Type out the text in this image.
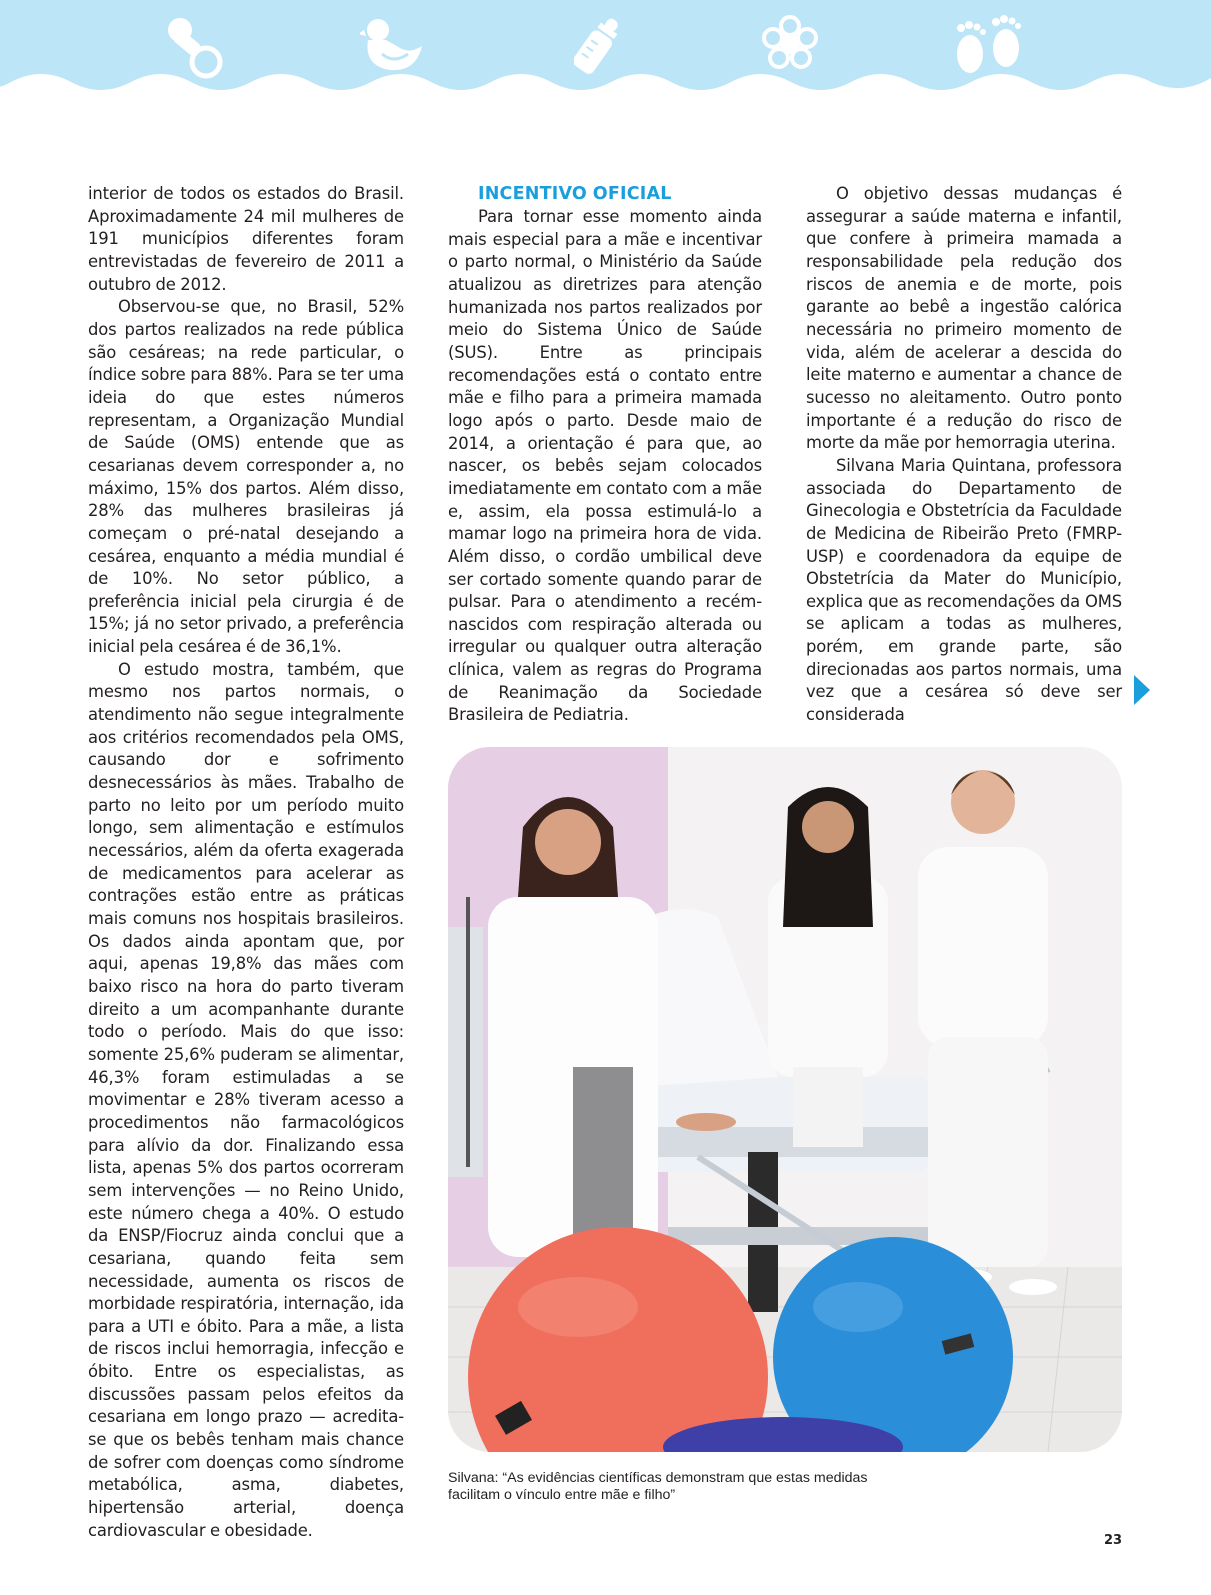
interior de todos os estados do Brasil. Aproximadamente 24 mil mulheres de 191 municípios diferentes foram entrevistadas de fevereiro de 2011 a outubro de 2012.

Observou-se que, no Brasil, 52% dos partos realizados na rede pública são cesáreas; na rede particular, o índice sobre para 88%. Para se ter uma ideia do que estes números representam, a Organização Mundial de Saúde (OMS) entende que as cesarianas devem corresponder a, no máximo, 15% dos partos. Além disso, 28% das mulheres brasileiras já começam o pré-natal desejando a cesárea, enquanto a média mundial é de 10%. No setor público, a preferência inicial pela cirurgia é de 15%; já no setor privado, a preferência inicial pela cesárea é de 36,1%.

O estudo mostra, também, que mesmo nos partos normais, o atendimento não segue integralmente aos critérios recomendados pela OMS, causando dor e sofrimento desnecessários às mães. Trabalho de parto no leito por um período muito longo, sem alimentação e estímulos necessários, além da oferta exagerada de medicamentos para acelerar as contrações estão entre as práticas mais comuns nos hospitais brasileiros. Os dados ainda apontam que, por aqui, apenas 19,8% das mães com baixo risco na hora do parto tiveram direito a um acompanhante durante todo o período. Mais do que isso: somente 25,6% puderam se alimentar, 46,3% foram estimuladas a se movimentar e 28% tiveram acesso a procedimentos não farmacológicos para alívio da dor. Finalizando essa lista, apenas 5% dos partos ocorreram sem intervenções — no Reino Unido, este número chega a 40%. O estudo da ENSP/Fiocruz ainda conclui que a cesariana, quando feita sem necessidade, aumenta os riscos de morbidade respiratória, internação, ida para a UTI e óbito. Para a mãe, a lista de riscos inclui hemorragia, infecção e óbito. Entre os especialistas, as discussões passam pelos efeitos da cesariana em longo prazo — acredita-se que os bebês tenham mais chance de sofrer com doenças como síndrome metabólica, asma, diabetes, hipertensão arterial, doença cardiovascular e obesidade.

INCENTIVO OFICIAL

Para tornar esse momento ainda mais especial para a mãe e incentivar o parto normal, o Ministério da Saúde atualizou as diretrizes para atenção humanizada nos partos realizados por meio do Sistema Único de Saúde (SUS). Entre as principais recomendações está o contato entre mãe e filho para a primeira mamada logo após o parto. Desde maio de 2014, a orientação é para que, ao nascer, os bebês sejam colocados imediatamente em contato com a mãe e, assim, ela possa estimulá-lo a mamar logo na primeira hora de vida. Além disso, o cordão umbilical deve ser cortado somente quando parar de pulsar. Para o atendimento a recém-nascidos com respiração alterada ou irregular ou qualquer outra alteração clínica, valem as regras do Programa de Reanimação da Sociedade Brasileira de Pediatria.

O objetivo dessas mudanças é assegurar a saúde materna e infantil, que confere à primeira mamada a responsabilidade pela redução dos riscos de anemia e de morte, pois garante ao bebê a ingestão calórica necessária no primeiro momento de vida, além de acelerar a descida do leite materno e aumentar a chance de sucesso no aleitamento. Outro ponto importante é a redução do risco de morte da mãe por hemorragia uterina.

Silvana Maria Quintana, professora associada do Departamento de Ginecologia e Obstetrícia da Faculdade de Medicina de Ribeirão Preto (FMRP-USP) e coordenadora da equipe de Obstetrícia da Mater do Município, explica que as recomendações da OMS se aplicam a todas as mulheres, porém, em grande parte, são direcionadas aos partos normais, uma vez que a cesárea só deve ser considerada

Silvana: “As evidências científicas demonstram que estas medidas facilitam o vínculo entre mãe e filho”
23
